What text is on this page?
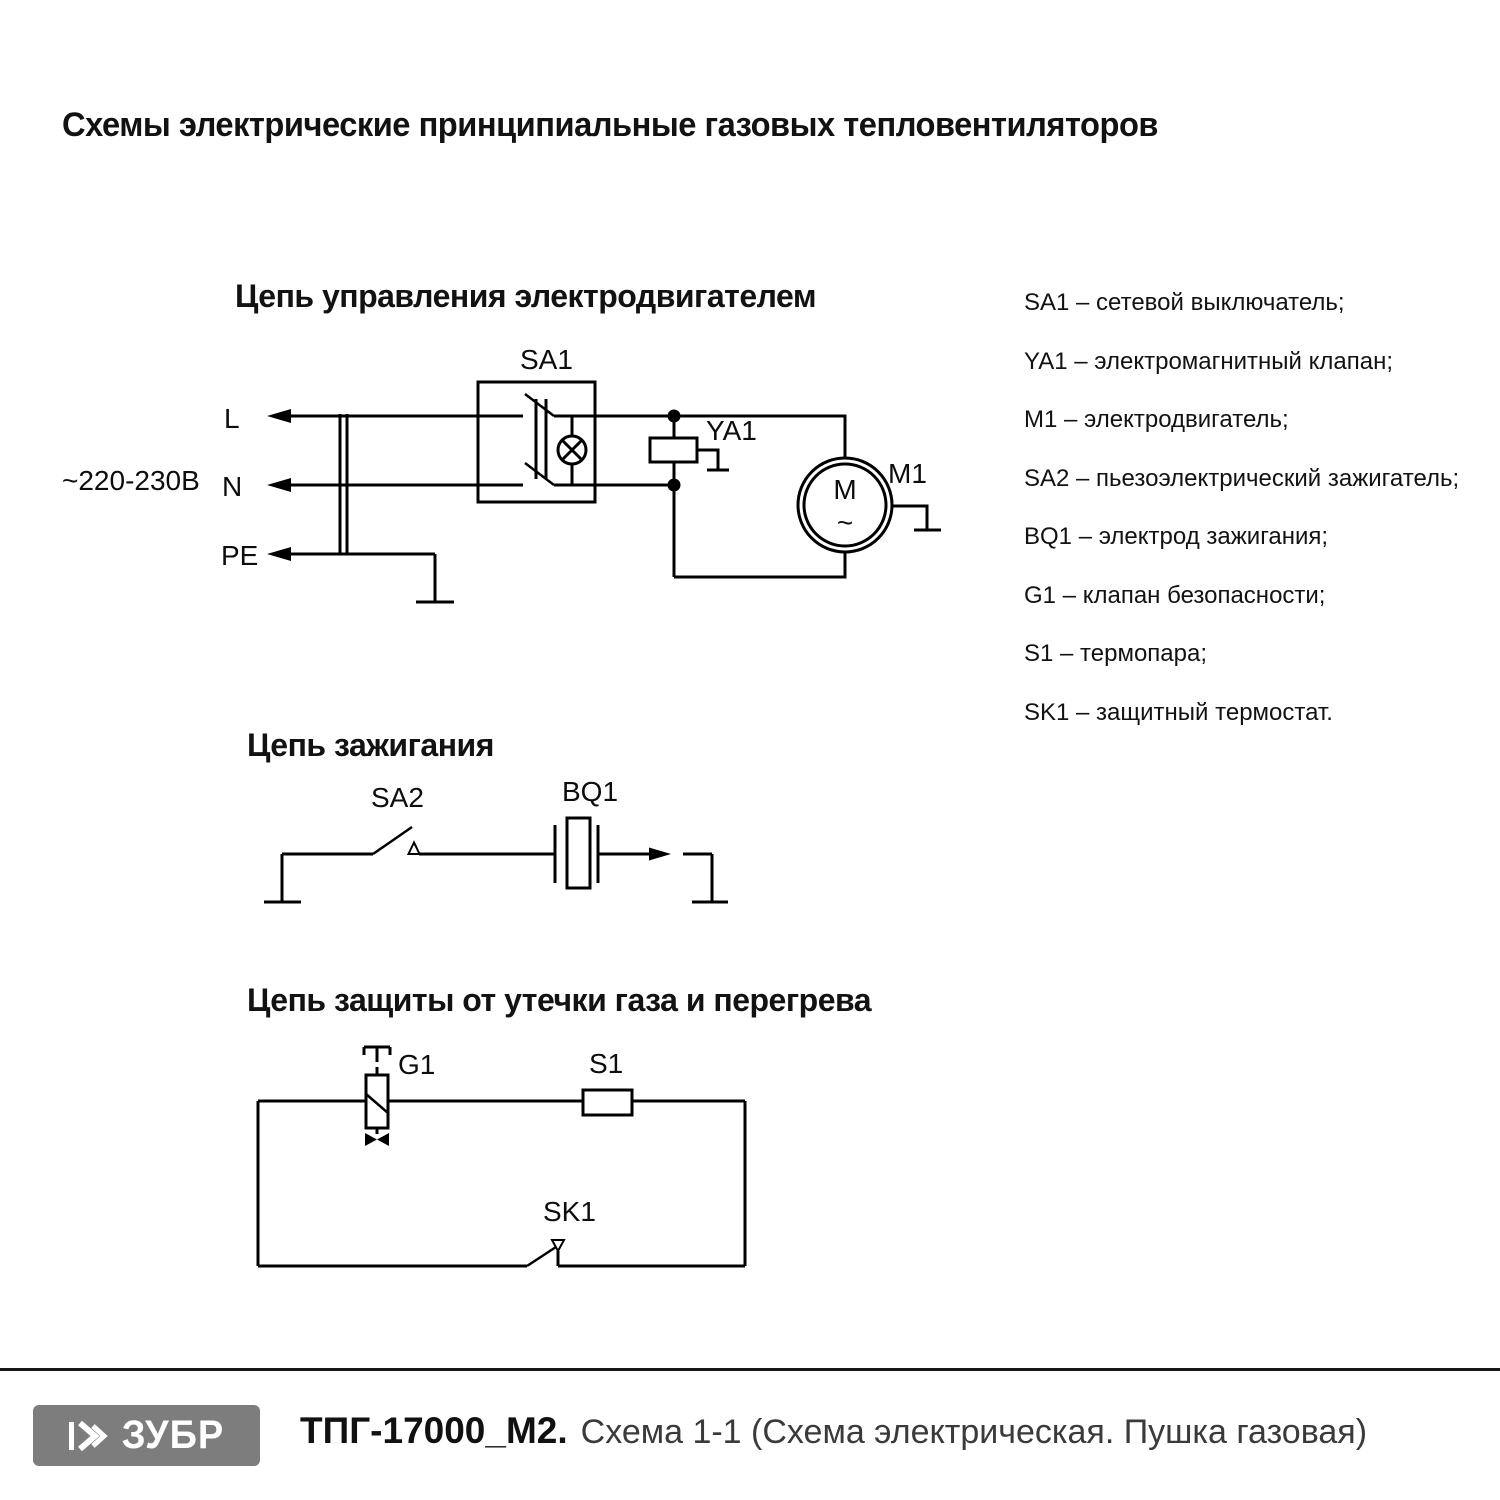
Схемы электрические принципиальные газовых тепловентиляторов
Цепь управления электродвигателем
~220-230В
L
N
PE
SA1
YA1
M1
M
~
SA1 – сетевой выключатель;
YA1 – электромагнитный клапан;
M1 – электродвигатель;
SA2 – пьезоэлектрический зажигатель;
BQ1 – электрод зажигания;
G1 – клапан безопасности;
S1 – термопара;
SK1 – защитный термостат.
Цепь зажигания
SA2	BQ1
Цепь защиты от утечки газа и перегрева
G1	S1
SK1
ЗУБР ТПГ-17000_М2. Схема 1-1 (Схема электрическая. Пушка газовая)
